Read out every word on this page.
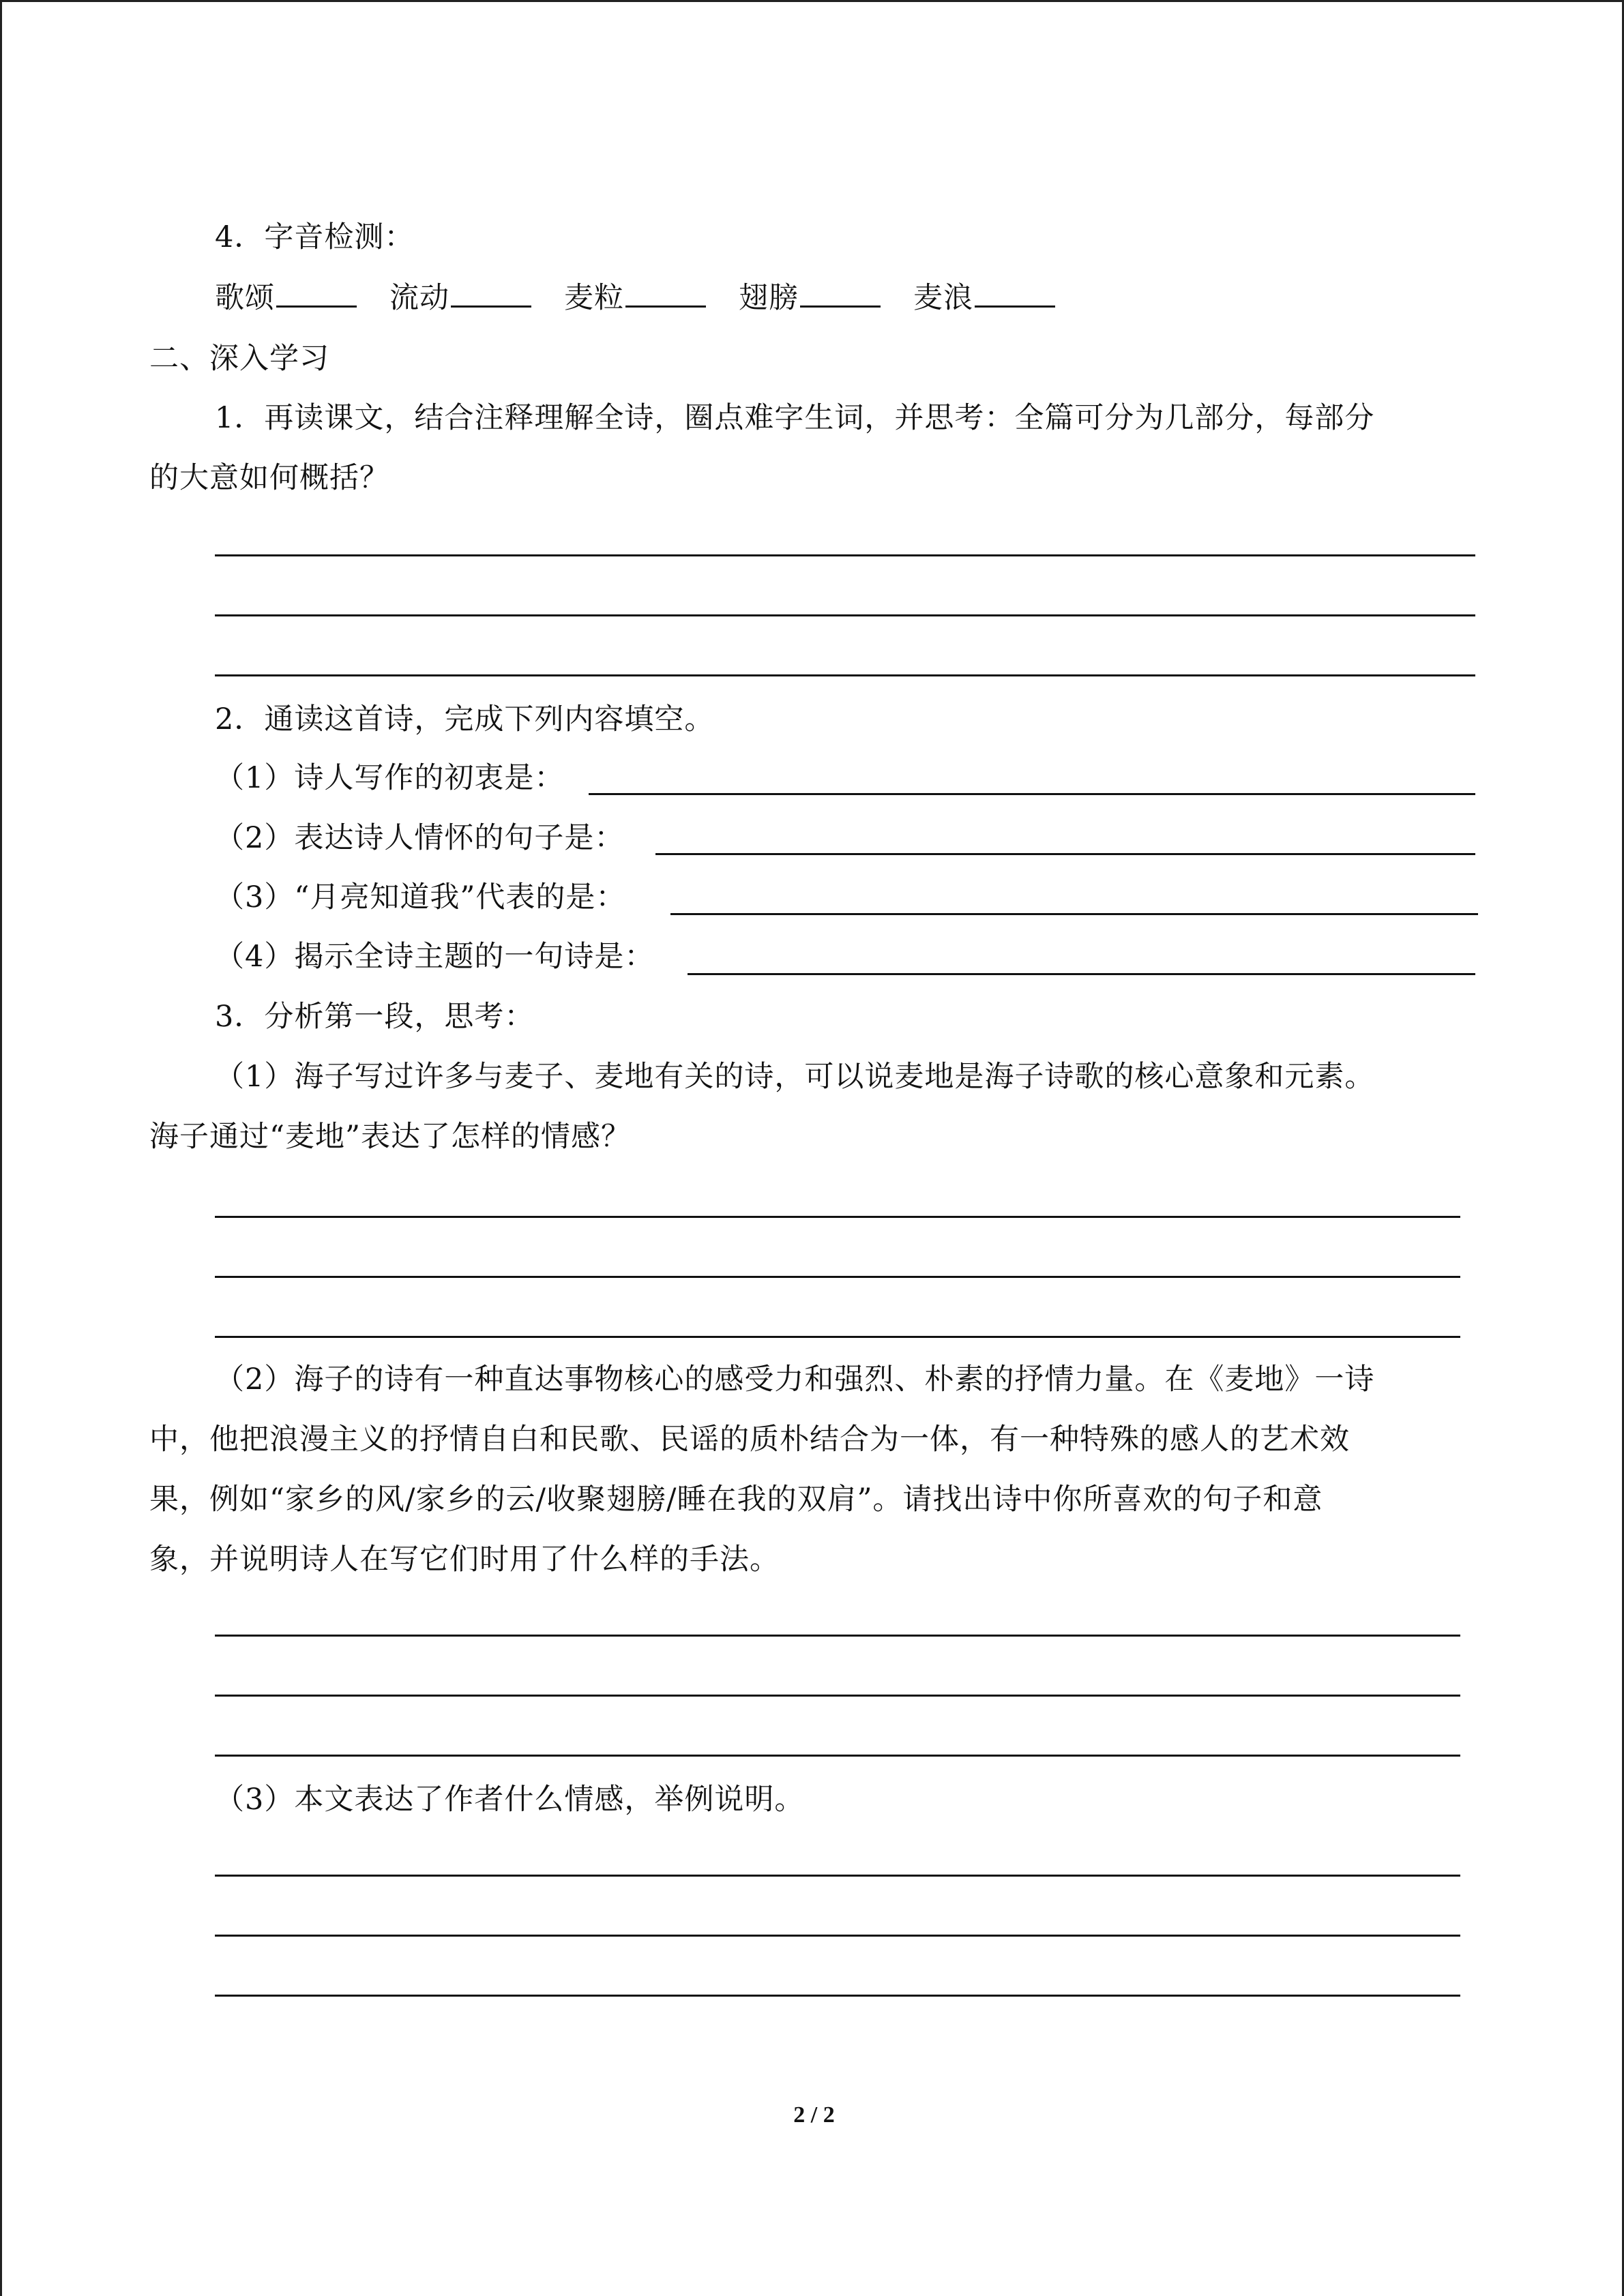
4．字音检测：
歌颂	流动	麦粒	翅膀	麦浪
二、深入学习
1．再读课文，结合注释理解全诗，圈点难字生词，并思考：全篇可分为几部分，每部分
的大意如何概括？
2．通读这首诗，完成下列内容填空。
（1）诗人写作的初衷是：
（2）表达诗人情怀的句子是：
（3）“月亮知道我”代表的是：
（4）揭示全诗主题的一句诗是：
3．分析第一段，思考：
（1）海子写过许多与麦子、麦地有关的诗，可以说麦地是海子诗歌的核心意象和元素。
海子通过“麦地”表达了怎样的情感？
（2）海子的诗有一种直达事物核心的感受力和强烈、朴素的抒情力量。在《麦地》一诗
中，他把浪漫主义的抒情自白和民歌、民谣的质朴结合为一体，有一种特殊的感人的艺术效
果，例如“家乡的风/家乡的云/收聚翅膀/睡在我的双肩”。请找出诗中你所喜欢的句子和意
象，并说明诗人在写它们时用了什么样的手法。
（3）本文表达了作者什么情感，举例说明。
2 / 2
